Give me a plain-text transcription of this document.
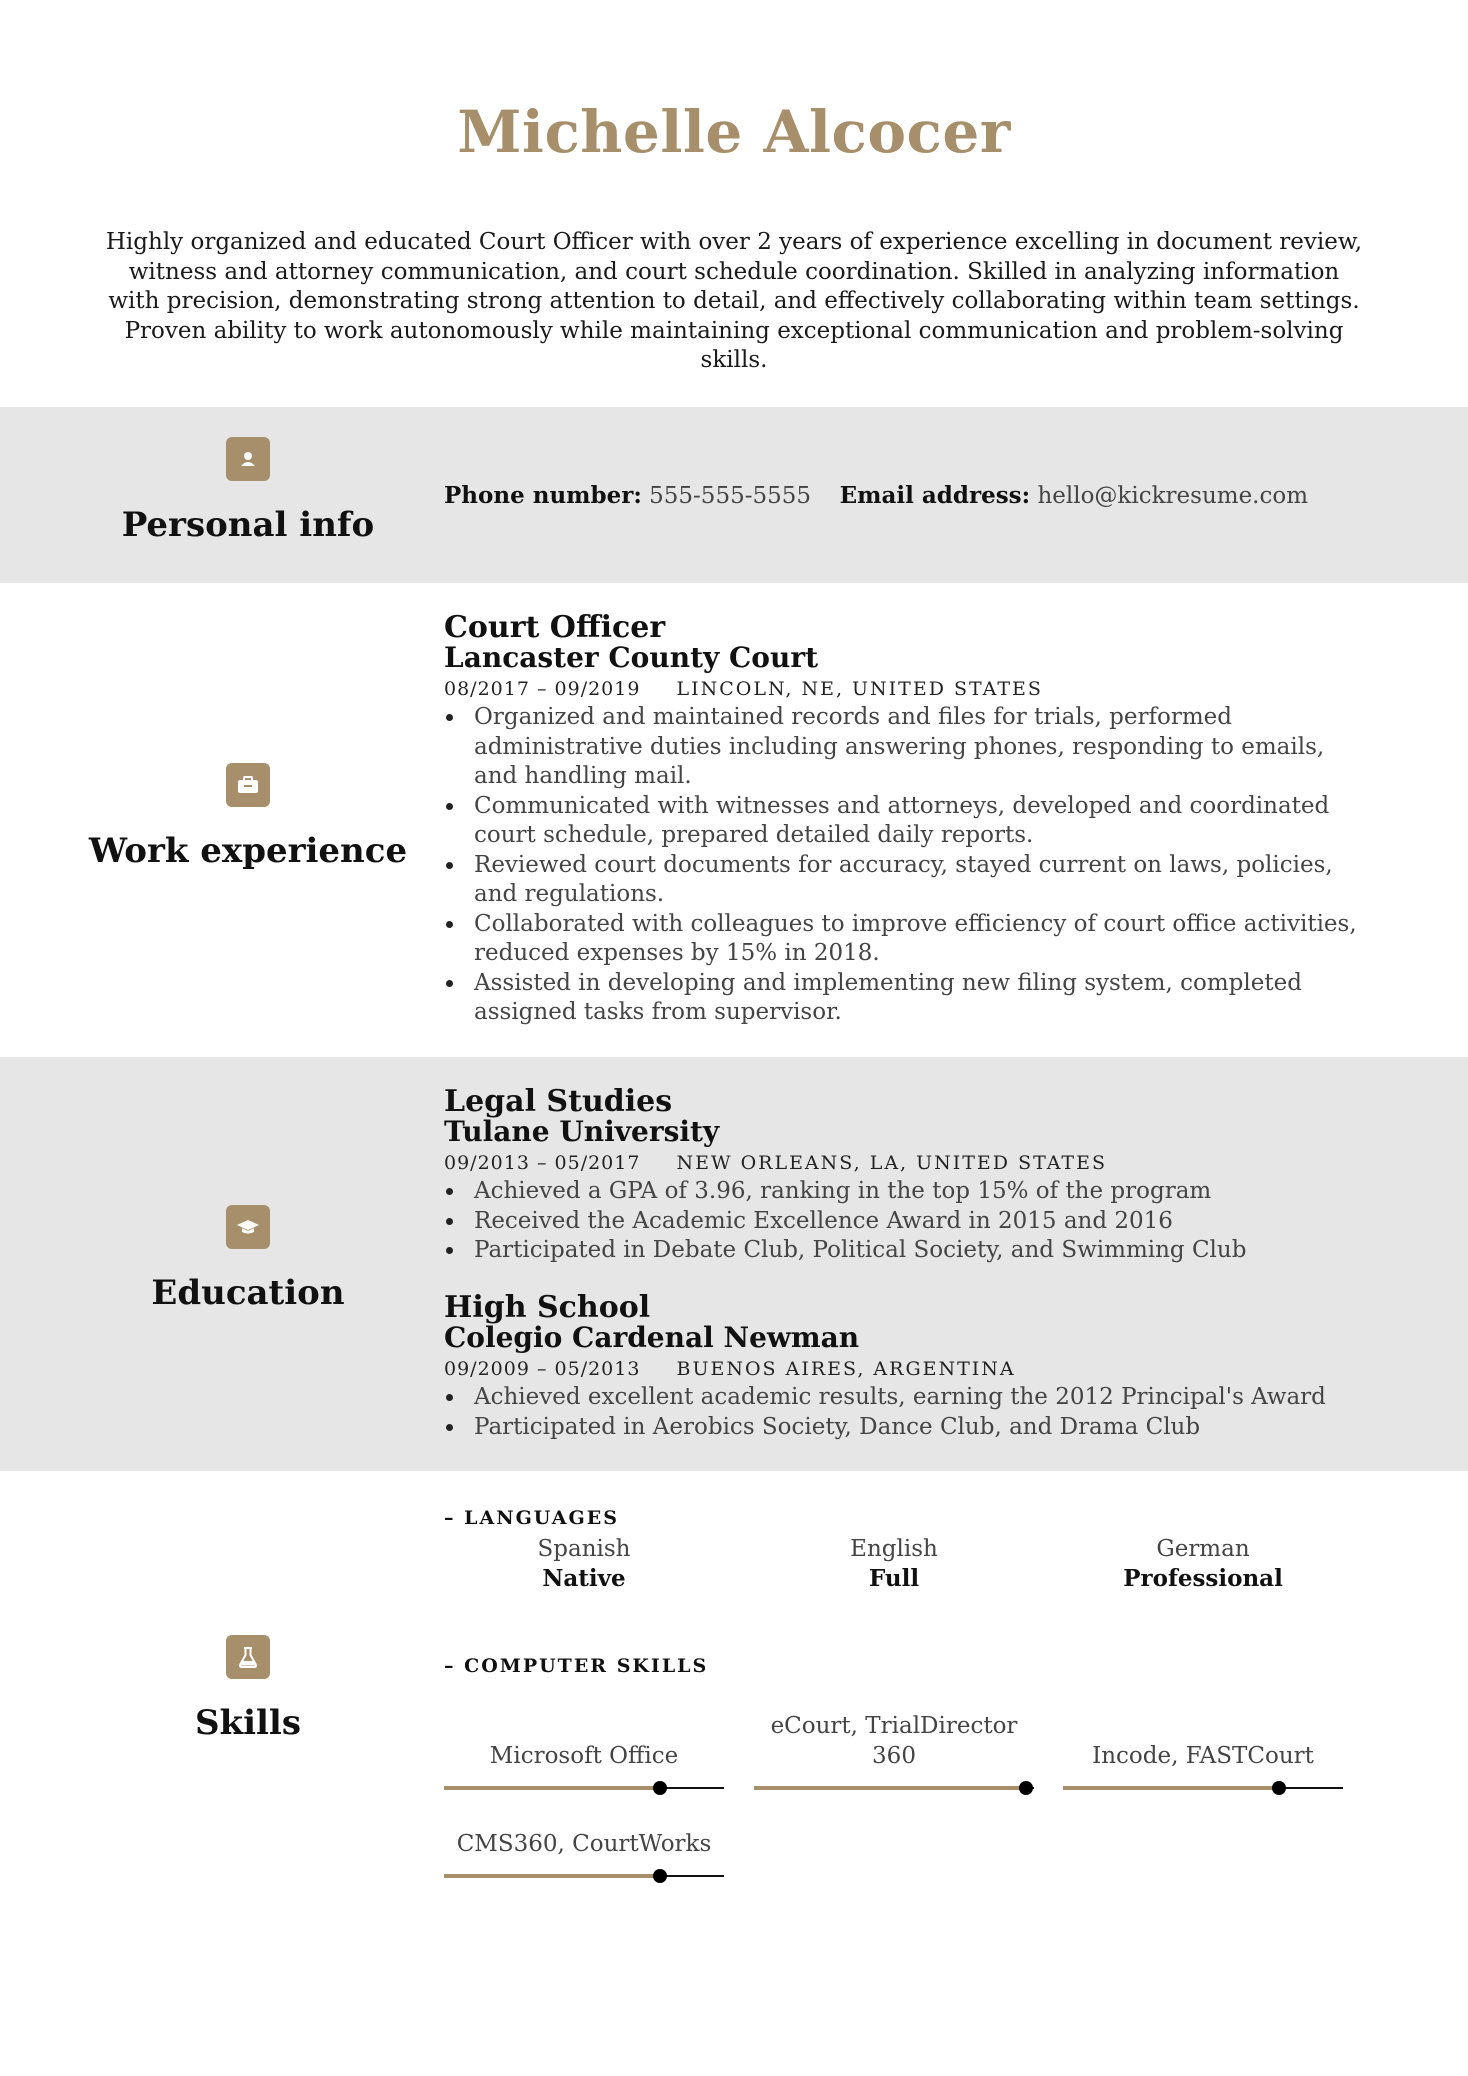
Michelle Alcocer
Highly organized and educated Court Officer with over 2 years of experience excelling in document review, witness and attorney communication, and court schedule coordination. Skilled in analyzing information with precision, demonstrating strong attention to detail, and effectively collaborating within team settings. Proven ability to work autonomously while maintaining exceptional communication and problem-solving skills.
Personal info
Phone number: 555-555-5555 Email address: hello@kickresume.com
Work experience
Court Officer
Lancaster County Court
08/2017 – 09/2019 LINCOLN, NE, UNITED STATES
Organized and maintained records and files for trials, performed administrative duties including answering phones, responding to emails, and handling mail.
Communicated with witnesses and attorneys, developed and coordinated court schedule, prepared detailed daily reports.
Reviewed court documents for accuracy, stayed current on laws, policies, and regulations.
Collaborated with colleagues to improve efficiency of court office activities, reduced expenses by 15% in 2018.
Assisted in developing and implementing new filing system, completed assigned tasks from supervisor.
Education
Legal Studies
Tulane University
09/2013 – 05/2017 NEW ORLEANS, LA, UNITED STATES
Achieved a GPA of 3.96, ranking in the top 15% of the program
Received the Academic Excellence Award in 2015 and 2016
Participated in Debate Club, Political Society, and Swimming Club
High School
Colegio Cardenal Newman
09/2009 – 05/2013 BUENOS AIRES, ARGENTINA
Achieved excellent academic results, earning the 2012 Principal's Award
Participated in Aerobics Society, Dance Club, and Drama Club
Skills
– LANGUAGES
Spanish
Native
English
Full
German
Professional
– COMPUTER SKILLS
Microsoft Office
eCourt, TrialDirector 360	Incode, FASTCourt
CMS360, CourtWorks
